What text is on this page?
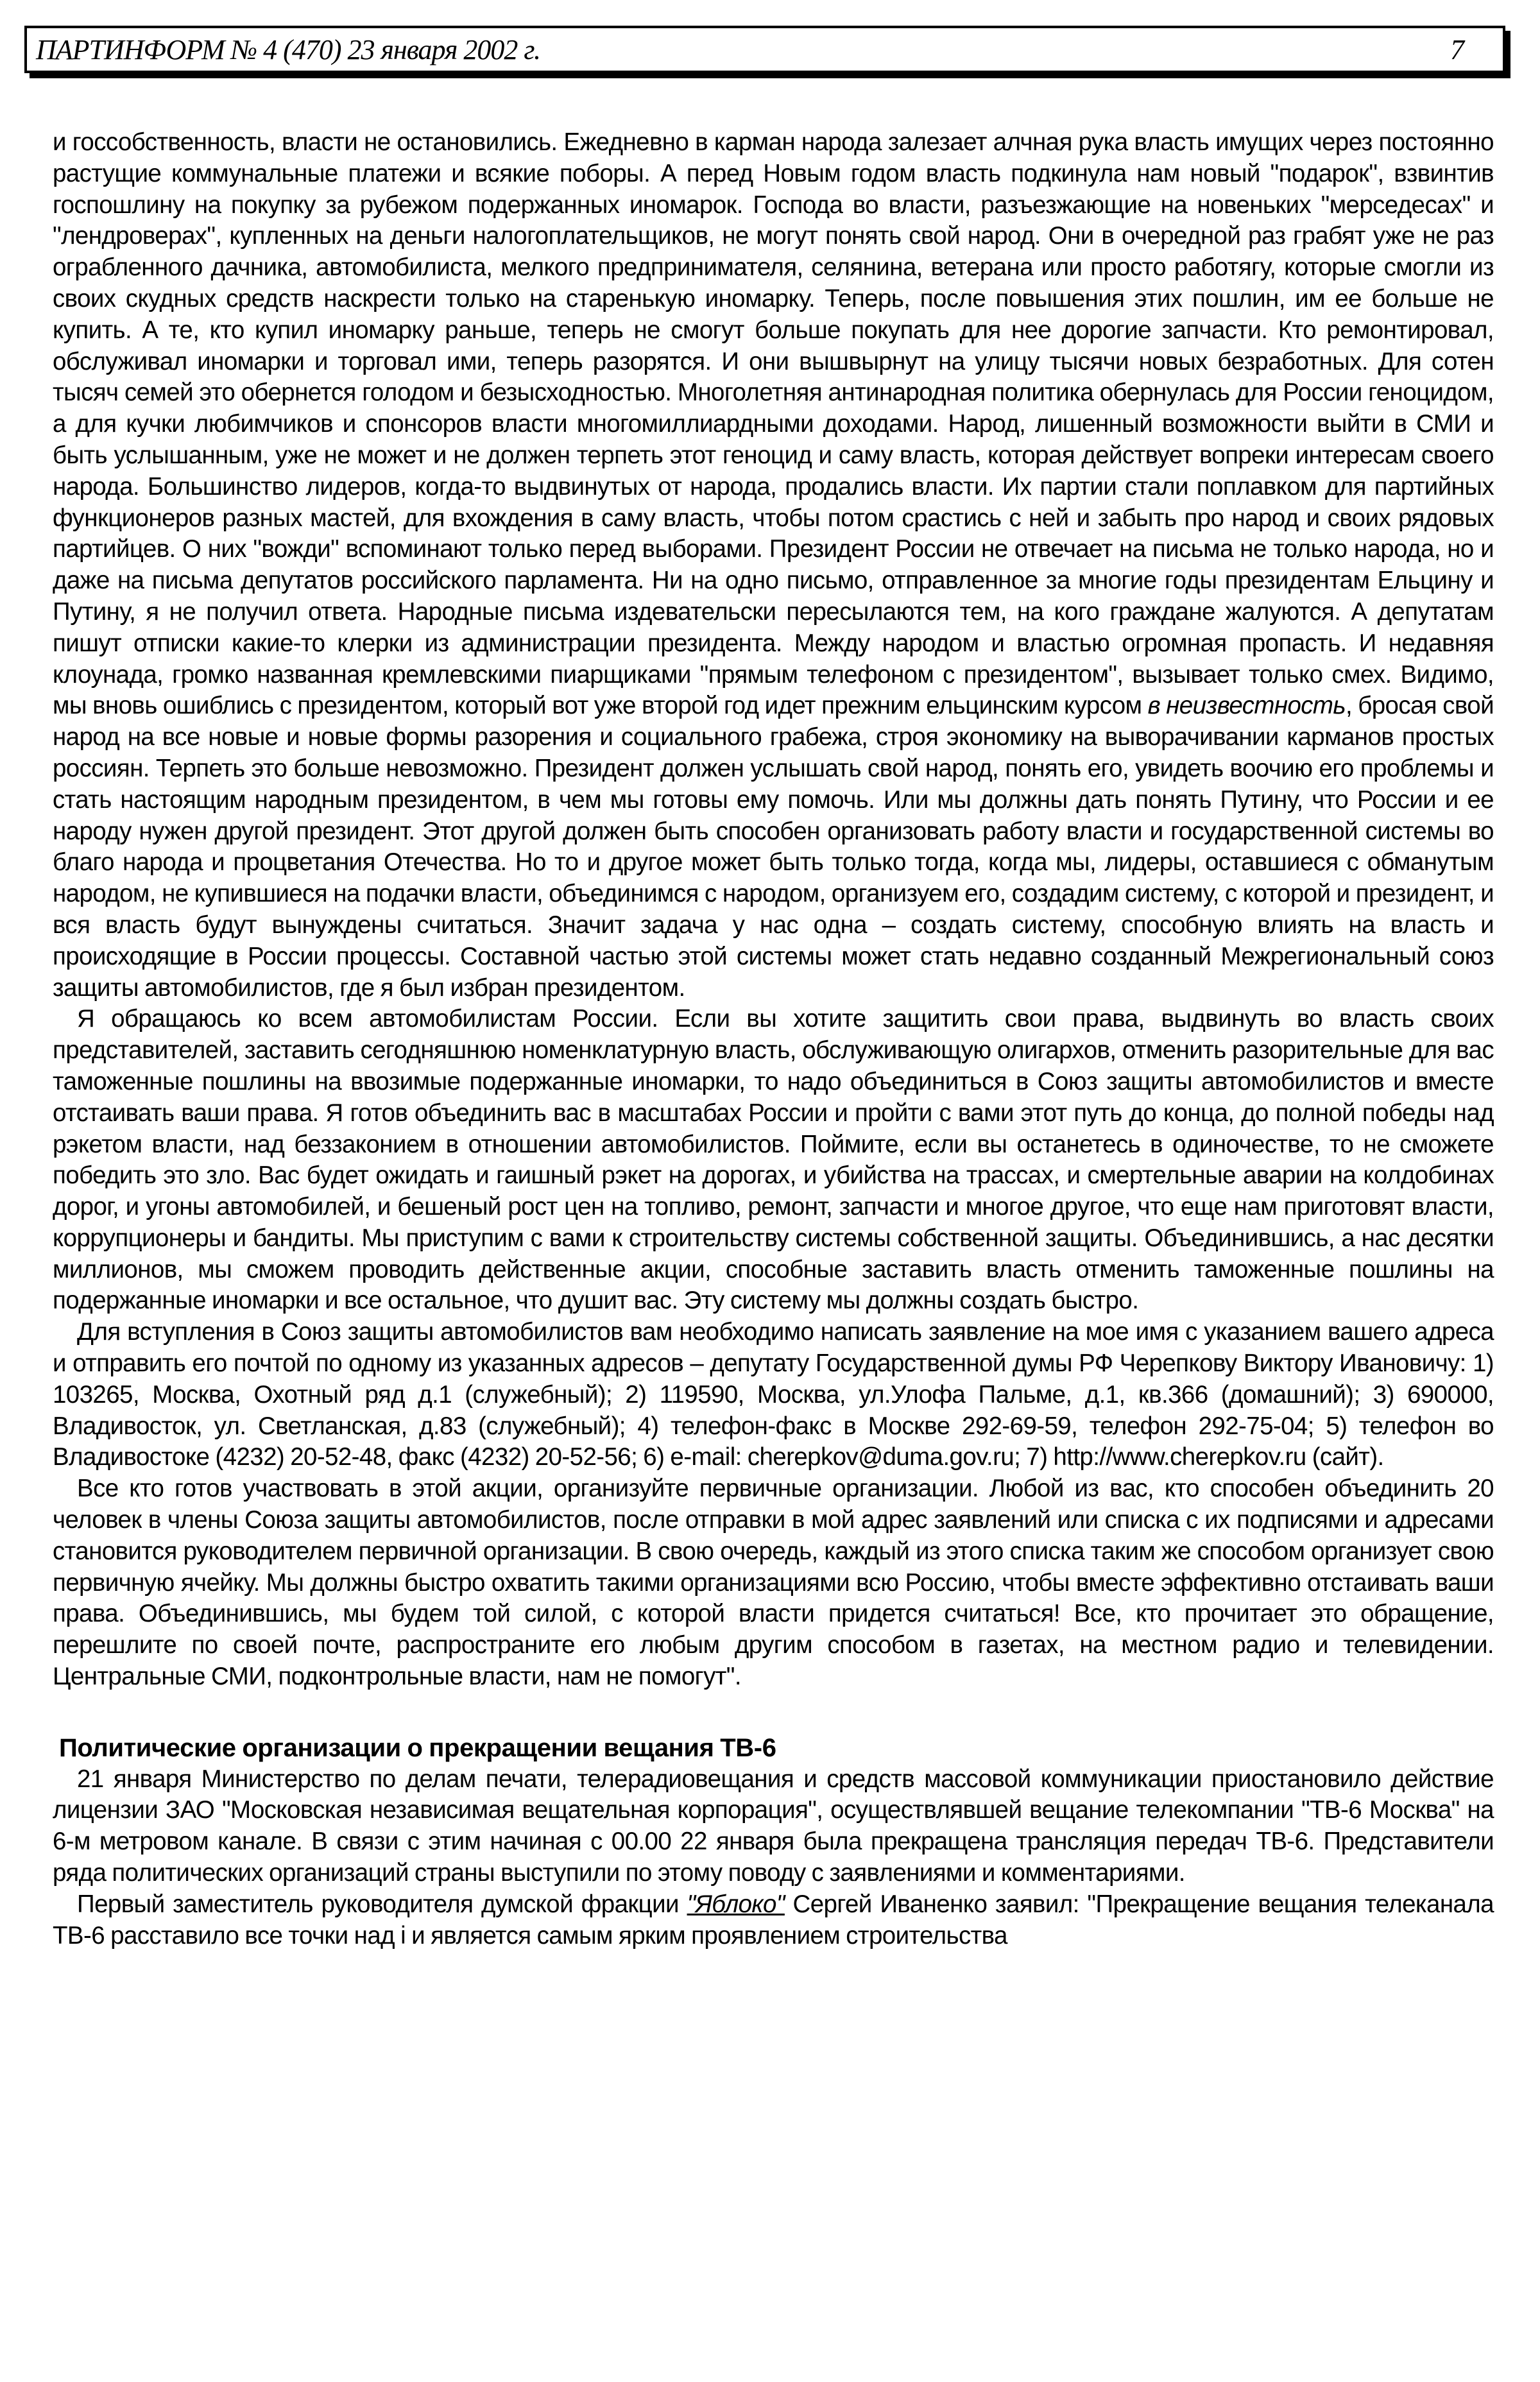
ПАРТИНФОРМ № 4 (470) 23 января 2002 г.	7

и госсобственность, власти не остановились. Ежедневно в карман народа залезает алчная рука власть имущих через постоянно растущие коммунальные платежи и всякие поборы. А перед Новым годом власть подкинула нам новый "подарок", взвинтив госпошлину на покупку за рубежом подержанных иномарок. Господа во власти, разъезжающие на новеньких "мерседесах" и "лендроверах", купленных на деньги налогоплательщиков, не могут понять свой народ. Они в очередной раз грабят уже не раз ограбленного дачника, автомобилиста, мелкого предпринимателя, селянина, ветерана или просто работягу, которые смогли из своих скудных средств наскрести только на старенькую иномарку. Теперь, после повышения этих пошлин, им ее больше не купить. А те, кто купил иномарку раньше, теперь не смогут больше покупать для нее дорогие запчасти. Кто ремонтировал, обслуживал иномарки и торговал ими, теперь разорятся. И они вышвырнут на улицу тысячи новых безработных. Для сотен тысяч семей это обернется голодом и безысходностью. Многолетняя антинародная политика обернулась для России геноцидом, а для кучки любимчиков и спонсоров власти многомиллиардными доходами. Народ, лишенный возможности выйти в СМИ и быть услышанным, уже не может и не должен терпеть этот геноцид и саму власть, которая действует вопреки интересам своего народа. Большинство лидеров, когда-то выдвинутых от народа, продались власти. Их партии стали поплавком для партийных функционеров разных мастей, для вхождения в саму власть, чтобы потом срастись с ней и забыть про народ и своих рядовых партийцев. О них "вожди" вспоминают только перед выборами. Президент России не отвечает на письма не только народа, но и даже на письма депутатов российского парламента. Ни на одно письмо, отправленное за многие годы президентам Ельцину и Путину, я не получил ответа. Народные письма издевательски пересылаются тем, на кого граждане жалуются. А депутатам пишут отписки какие-то клерки из администрации президента. Между народом и властью огромная пропасть. И недавняя клоунада, громко названная кремлевскими пиарщиками "прямым телефоном с президентом", вызывает только смех. Видимо, мы вновь ошиблись с президентом, который вот уже второй год идет прежним ельцинским курсом в неизвестность, бросая свой народ на все новые и новые формы разорения и социального грабежа, строя экономику на выворачивании карманов простых россиян. Терпеть это больше невозможно. Президент должен услышать свой народ, понять его, увидеть воочию его проблемы и стать настоящим народным президентом, в чем мы готовы ему помочь. Или мы должны дать понять Путину, что России и ее народу нужен другой президент. Этот другой должен быть способен организовать работу власти и государственной системы во благо народа и процветания Отечества. Но то и другое может быть только тогда, когда мы, лидеры, оставшиеся с обманутым народом, не купившиеся на подачки власти, объединимся с народом, организуем его, создадим систему, с которой и президент, и вся власть будут вынуждены считаться. Значит задача у нас одна – создать систему, способную влиять на власть и происходящие в России процессы. Составной частью этой системы может стать недавно созданный Межрегиональный союз защиты автомобилистов, где я был избран президентом.

Я обращаюсь ко всем автомобилистам России. Если вы хотите защитить свои права, выдвинуть во власть своих представителей, заставить сегодняшнюю номенклатурную власть, обслуживающую олигархов, отменить разорительные для вас таможенные пошлины на ввозимые подержанные иномарки, то надо объединиться в Союз защиты автомобилистов и вместе отстаивать ваши права. Я готов объединить вас в масштабах России и пройти с вами этот путь до конца, до полной победы над рэкетом власти, над беззаконием в отношении автомобилистов. Поймите, если вы останетесь в одиночестве, то не сможете победить это зло. Вас будет ожидать и гаишный рэкет на дорогах, и убийства на трассах, и смертельные аварии на колдобинах дорог, и угоны автомобилей, и бешеный рост цен на топливо, ремонт, запчасти и многое другое, что еще нам приготовят власти, коррупционеры и бандиты. Мы приступим с вами к строительству системы собственной защиты. Объединившись, а нас десятки миллионов, мы сможем проводить действенные акции, способные заставить власть отменить таможенные пошлины на подержанные иномарки и все остальное, что душит вас. Эту систему мы должны создать быстро.

Для вступления в Союз защиты автомобилистов вам необходимо написать заявление на мое имя с указанием вашего адреса и отправить его почтой по одному из указанных адресов – депутату Государственной думы РФ Черепкову Виктору Ивановичу: 1) 103265, Москва, Охотный ряд д.1 (служебный); 2) 119590, Москва, ул.Улофа Пальме, д.1, кв.366 (домашний); 3) 690000, Владивосток, ул. Светланская, д.83 (служебный); 4) телефон-факс в Москве 292-69-59, телефон 292-75-04; 5) телефон во Владивостоке (4232) 20-52-48, факс (4232) 20-52-56; 6) e-mail: cherepkov@duma.gov.ru; 7) http://www.cherepkov.ru (сайт).

Все кто готов участвовать в этой акции, организуйте первичные организации. Любой из вас, кто способен объединить 20 человек в члены Союза защиты автомобилистов, после отправки в мой адрес заявлений или списка с их подписями и адресами становится руководителем первичной организации. В свою очередь, каждый из этого списка таким же способом организует свою первичную ячейку. Мы должны быстро охватить такими организациями всю Россию, чтобы вместе эффективно отстаивать ваши права. Объединившись, мы будем той силой, с которой власти придется считаться! Все, кто прочитает это обращение, перешлите по своей почте, распространите его любым другим способом в газетах, на местном радио и телевидении. Центральные СМИ, подконтрольные власти, нам не помогут".

Политические организации о прекращении вещания ТВ-6

21 января Министерство по делам печати, телерадиовещания и средств массовой коммуникации приостановило действие лицензии ЗАО "Московская независимая вещательная корпорация", осуществлявшей вещание телекомпании "ТВ-6 Москва" на 6-м метровом канале. В связи с этим начиная с 00.00 22 января была прекращена трансляция передач ТВ-6. Представители ряда политических организаций страны выступили по этому поводу с заявлениями и комментариями.

Первый заместитель руководителя думской фракции "Яблоко" Сергей Иваненко заявил: "Прекращение вещания телеканала ТВ-6 расставило все точки над i и является самым ярким проявлением строительства
